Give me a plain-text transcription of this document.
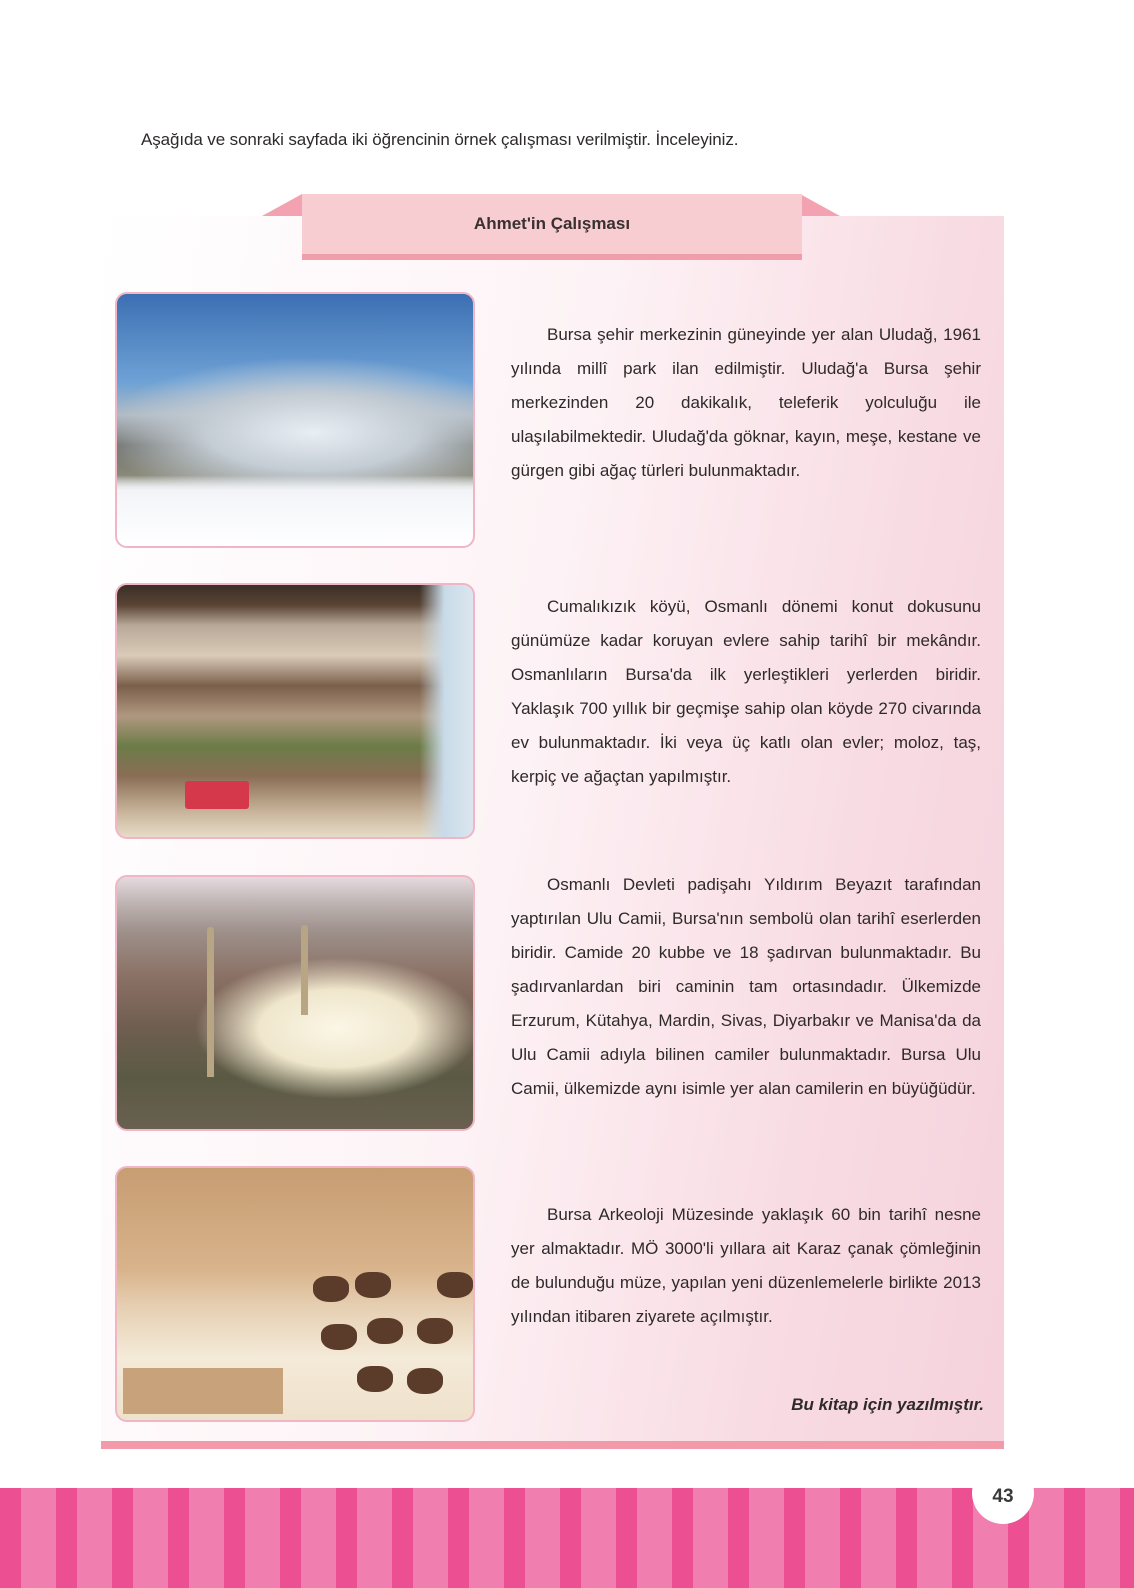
Aşağıda ve sonraki sayfada iki öğrencinin örnek çalışması verilmiştir. İnceleyiniz.

Ahmet'in Çalışması

Bursa şehir merkezinin güneyinde yer alan Uludağ, 1961 yılında millî park ilan edilmiştir. Uludağ'a Bursa şehir merkezinden 20 dakikalık, teleferik yolculuğu ile ulaşılabilmektedir. Uludağ'da göknar, kayın, meşe, kestane ve gürgen gibi ağaç türleri bulunmaktadır.

Cumalıkızık köyü, Osmanlı dönemi konut dokusunu günümüze kadar koruyan evlere sahip tarihî bir mekândır. Osmanlıların Bursa'da ilk yerleştikleri yerlerden biridir. Yaklaşık 700 yıllık bir geçmişe sahip olan köyde 270 civarında ev bulunmaktadır. İki veya üç katlı olan evler; moloz, taş, kerpiç ve ağaçtan yapılmıştır.

Osmanlı Devleti padişahı Yıldırım Beyazıt tarafından yaptırılan Ulu Camii, Bursa'nın sembolü olan tarihî eserlerden biridir. Camide 20 kubbe ve 18 şadırvan bulunmaktadır. Bu şadırvanlardan biri caminin tam ortasındadır. Ülkemizde Erzurum, Kütahya, Mardin, Sivas, Diyarbakır ve Manisa'da da Ulu Camii adıyla bilinen camiler bulunmaktadır. Bursa Ulu Camii, ülkemizde aynı isimle yer alan camilerin en büyüğüdür.

Bursa Arkeoloji Müzesinde yaklaşık 60 bin tarihî nesne yer almaktadır. MÖ 3000'li yıllara ait Karaz çanak çömleğinin de bulunduğu müze, yapılan yeni düzenlemelerle birlikte 2013 yılından itibaren ziyarete açılmıştır.

Bu kitap için yazılmıştır.

43
